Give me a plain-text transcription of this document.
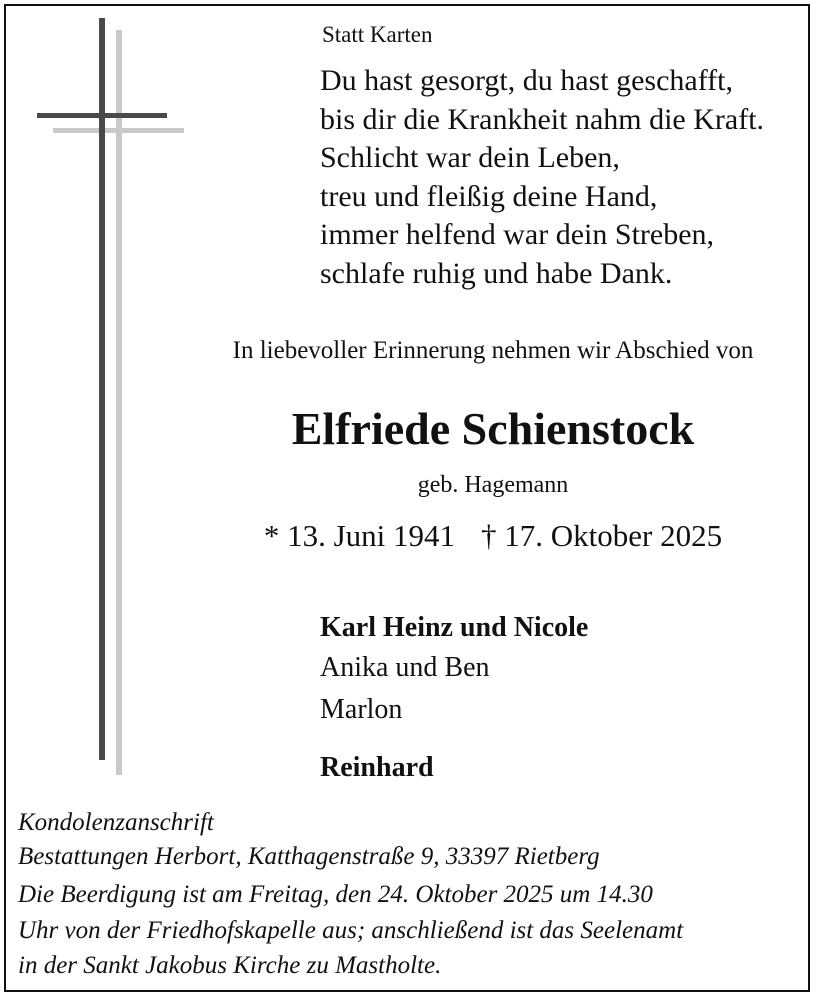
Statt Karten
Du hast gesorgt, du hast geschafft,
bis dir die Krankheit nahm die Kraft.
Schlicht war dein Leben,
treu und fleißig deine Hand,
immer helfend war dein Streben,
schlafe ruhig und habe Dank.
In liebevoller Erinnerung nehmen wir Abschied von
Elfriede Schienstock
geb. Hagemann
* 13. Juni 1941 † 17. Oktober 2025
Karl Heinz und Nicole
Anika und Ben
Marlon
Reinhard
Kondolenzanschrift
Bestattungen Herbort, Katthagenstraße 9, 33397 Rietberg
Die Beerdigung ist am Freitag, den 24. Oktober 2025 um 14.30
Uhr von der Friedhofskapelle aus; anschließend ist das Seelenamt
in der Sankt Jakobus Kirche zu Mastholte.
